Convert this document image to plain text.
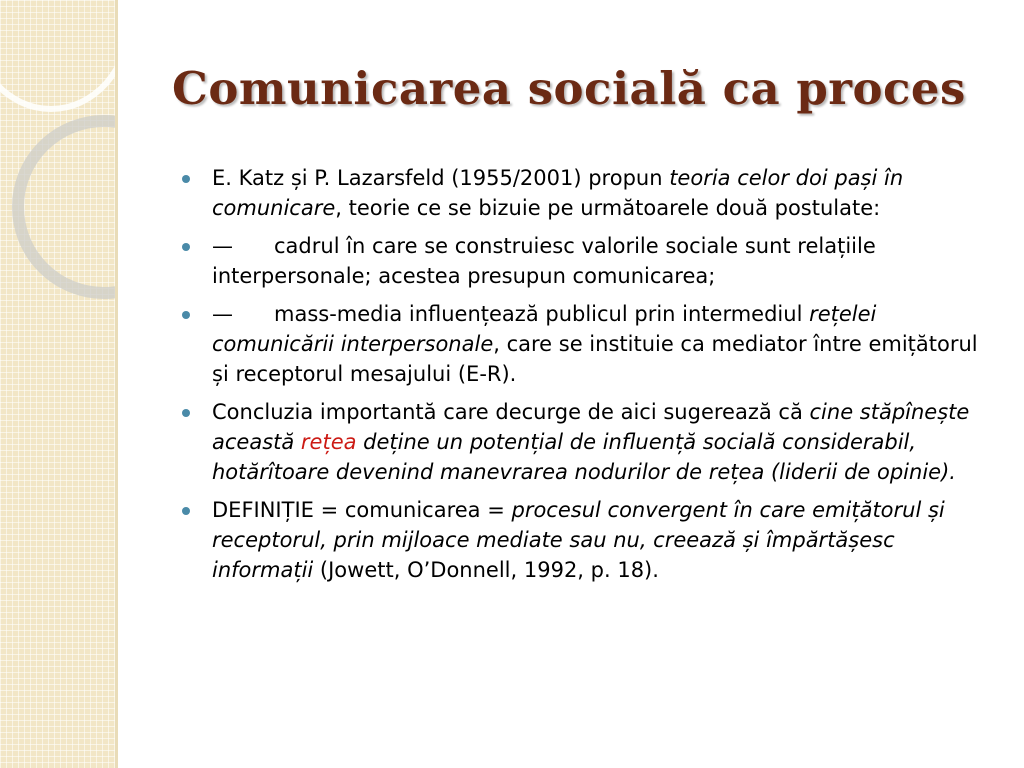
Comunicarea socială ca proces
E. Katz și P. Lazarsfeld (1955/2001) propun teoria celor doi pași în comunicare, teorie ce se bizuie pe următoarele două postulate:
— cadrul în care se construiesc valorile sociale sunt relațiile interpersonale; acestea presupun comunicarea;
— mass-media influențează publicul prin intermediul rețelei comunicării interpersonale, care se instituie ca mediator între emițătorul și receptorul mesajului (E-R).
Concluzia importantă care decurge de aici sugerează că cine stăpînește această rețea deține un potențial de influență socială considerabil, hotărîtoare devenind manevrarea nodurilor de rețea (liderii de opinie).
DEFINIȚIE = comunicarea = procesul convergent în care emițătorul și receptorul, prin mijloace mediate sau nu, creează și împărtășesc informații (Jowett, O’Donnell, 1992, p. 18).
